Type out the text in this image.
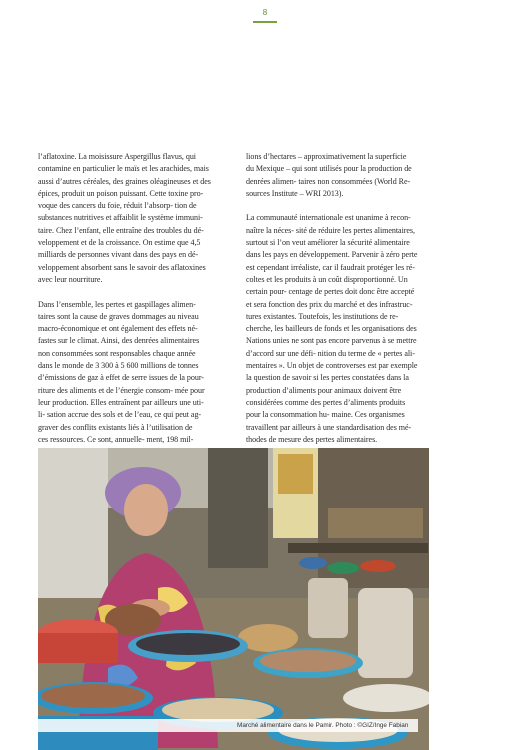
8

l’aflatoxine. La moisissure Aspergillus flavus, qui
contamine en particulier le maïs et les arachides, mais
aussi d’autres céréales, des graines oléagineuses et des
épices, produit un poison puissant. Cette toxine pro-
voque des cancers du foie, réduit l’absorp- tion de
substances nutritives et affaiblit le système immuni-
taire. Chez l’enfant, elle entraîne des troubles du dé-
veloppement et de la croissance. On estime que 4,5
milliards de personnes vivant dans des pays en dé-
veloppement absorbent sans le savoir des aflatoxines
avec leur nourriture.

Dans l’ensemble, les pertes et gaspillages alimen-
taires sont la cause de graves dommages au niveau
macro-économique et ont également des effets né-
fastes sur le climat. Ainsi, des denrées alimentaires
non consommées sont responsables chaque année
dans le monde de 3 300 à 5 600 millions de tonnes
d’émissions de gaz à effet de serre issues de la pour-
riture des aliments et de l’énergie consom- mée pour
leur production. Elles entraînent par ailleurs une uti-
li- sation accrue des sols et de l’eau, ce qui peut ag-
graver des conflits existants liés à l’utilisation de
ces ressources. Ce sont, annuelle- ment, 198 mil-

lions d’hectares – approximativement la superficie
du Mexique – qui sont utilisés pour la production de
denrées alimen- taires non consommées (World Re-
sources Institute – WRI 2013).

La communauté internationale est unanime à recon-
naître la néces- sité de réduire les pertes alimentaires,
surtout si l’on veut améliorer la sécurité alimentaire
dans les pays en développement. Parvenir à zéro perte
est cependant irréaliste, car il faudrait protéger les ré-
coltes et les produits à un coût disproportionné. Un
certain pour- centage de pertes doit donc être accepté
et sera fonction des prix du marché et des infrastruc-
tures existantes. Toutefois, les institutions de re-
cherche, les bailleurs de fonds et les organisations des
Nations unies ne sont pas encore parvenus à se mettre
d’accord sur une défi- nition du terme de « pertes ali-
mentaires ». Un objet de controverses est par exemple
la question de savoir si les pertes constatées dans la
production d’aliments pour animaux doivent être
considérées comme des pertes d’aliments produits
pour la consommation hu- maine. Ces organismes
travaillent par ailleurs à une standardisation des mé-
thodes de mesure des pertes alimentaires.

Marché alimentaire dans le Pamir. Photo : ©GIZ/Inge Fabian
